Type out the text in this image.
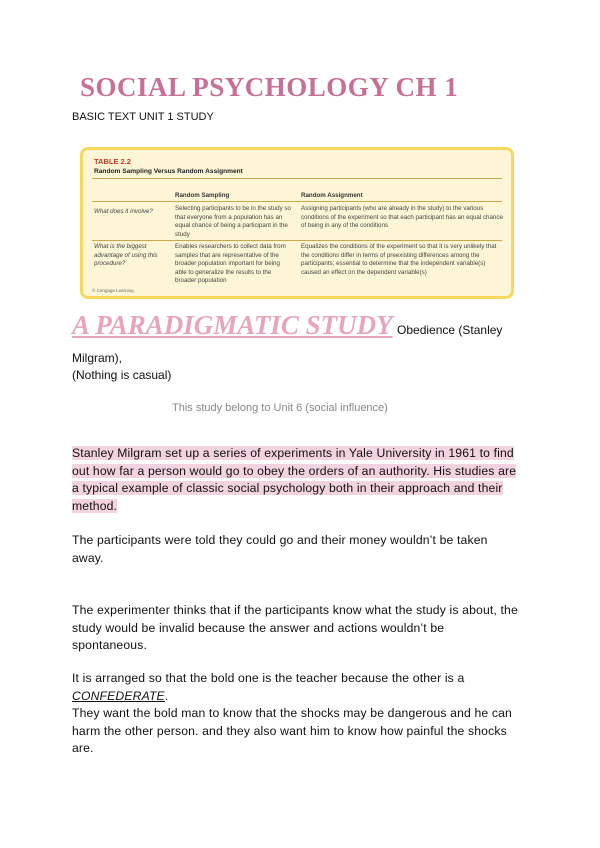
SOCIAL PSYCHOLOGY CH 1
BASIC TEXT UNIT 1 STUDY
TABLE 2.2
Random Sampling Versus Random Assignment
Random Sampling	Random Assignment
What does it involve?	Selecting participants to be in the study so that everyone from a population has an equal chance of being a participant in the study
Assigning participants (who are already in the study) to the various conditions of the experiment so that each participant has an equal chance of being in any of the conditions
What is the biggest advantage of using this procedure?
Enables researchers to collect data from samples that are representative of the broader population important for being able to generalize the results to the broader population
Equalizes the conditions of the experiment so that it is very unlikely that the conditions differ in terms of preexisting differences among the participants; essential to determine that the independent variable(s) caused an effect on the dependent variable(s)
© Cengage Learning
A PARADIGMATIC STUDY Obedience (Stanley
Milgram),
(Nothing is casual)
This study belong to Unit 6 (social influence)
Stanley Milgram set up a series of experiments in Yale University in 1961 to find out how far a person would go to obey the orders of an authority. His studies are a typical example of classic social psychology both in their approach and their method.
The participants were told they could go and their money wouldn’t be taken away.
The experimenter thinks that if the participants know what the study is about, the study would be invalid because the answer and actions wouldn’t be spontaneous.
It is arranged so that the bold one is the teacher because the other is a
CONFEDERATE.
They want the bold man to know that the shocks may be dangerous and he can harm the other person. and they also want him to know how painful the shocks are.
